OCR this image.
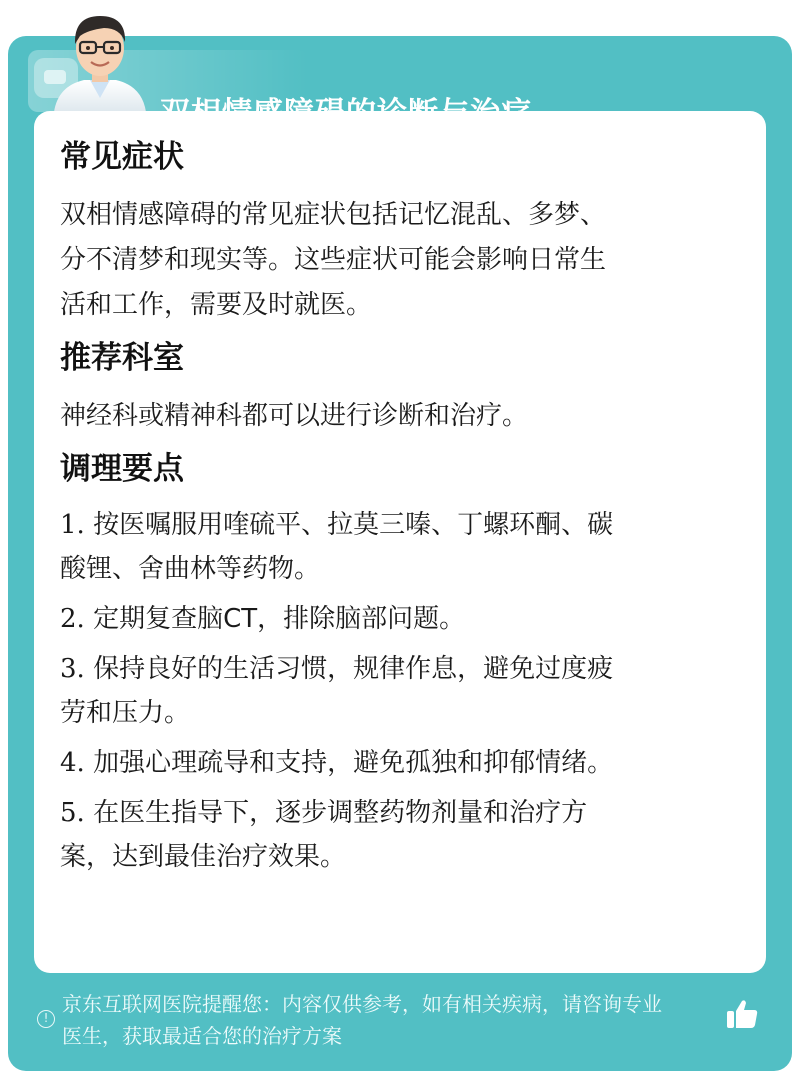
常见症状

双相情感障碍的常见症状包括记忆混乱、多梦、

分不清梦和现实等。这些症状可能会影响日常生

活和工作，需要及时就医。

推荐科室

神经科或精神科都可以进行诊断和治疗。

调理要点

1. 按医嘱服用喹硫平、拉莫三嗪、丁螺环酮、碳

酸锂、舍曲林等药物。

2. 定期复查脑CT，排除脑部问题。

3. 保持良好的生活习惯，规律作息，避免过度疲

劳和压力。

4. 加强心理疏导和支持，避免孤独和抑郁情绪。

5. 在医生指导下，逐步调整药物剂量和治疗方

案，达到最佳治疗效果。

!
京东互联网医院提醒您：内容仅供参考，如有相关疾病，请咨询专业
医生，获取最适合您的治疗方案
